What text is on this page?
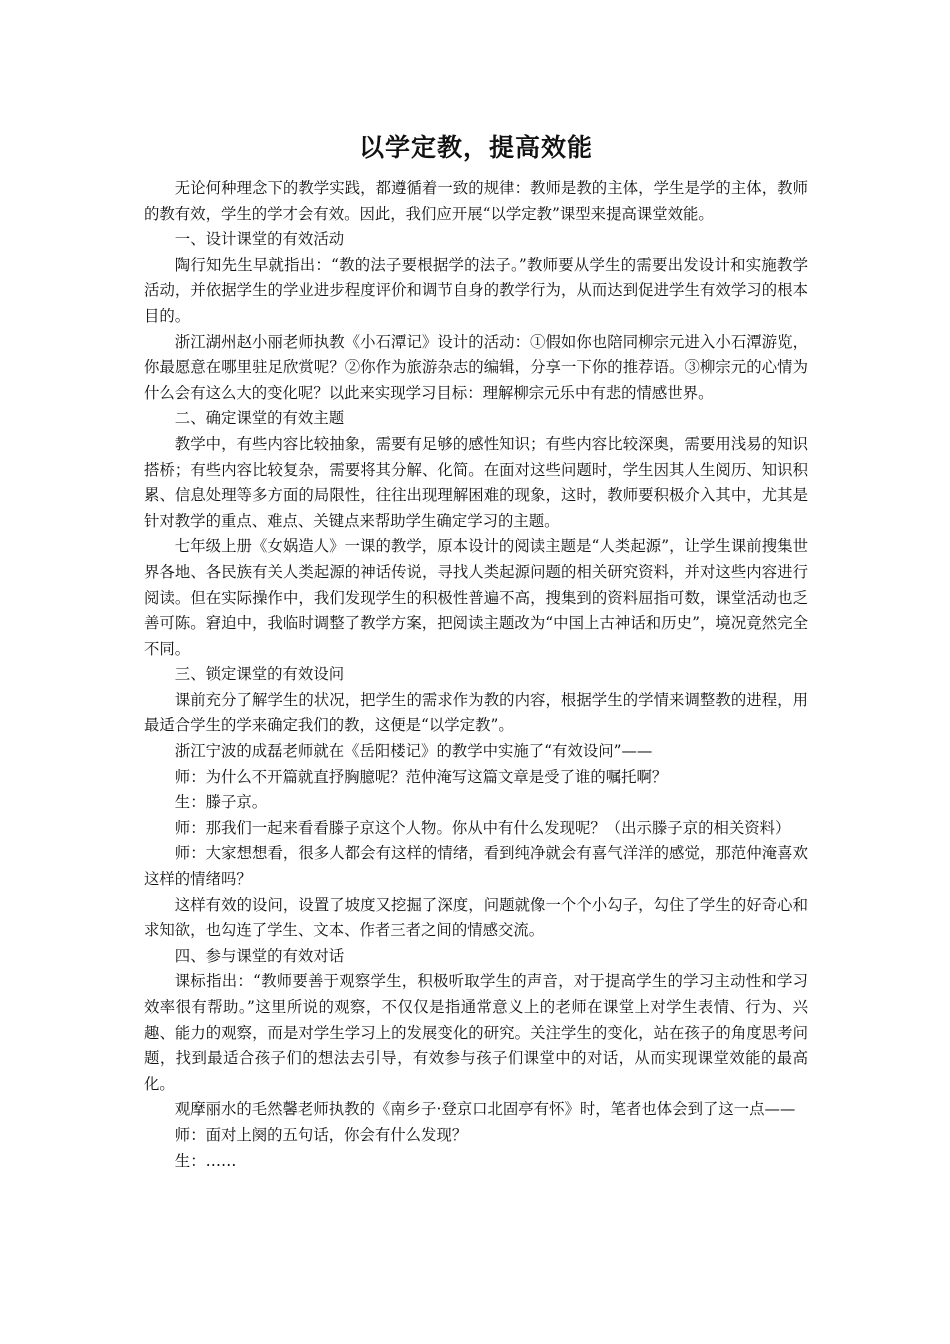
以学定教，提高效能

无论何种理念下的教学实践，都遵循着一致的规律：教师是教的主体，学生是学的主体，教师的教有效，学生的学才会有效。因此，我们应开展“以学定教”课型来提高课堂效能。

一、设计课堂的有效活动

陶行知先生早就指出：“教的法子要根据学的法子。”教师要从学生的需要出发设计和实施教学活动，并依据学生的学业进步程度评价和调节自身的教学行为，从而达到促进学生有效学习的根本目的。

浙江湖州赵小丽老师执教《小石潭记》设计的活动：①假如你也陪同柳宗元进入小石潭游览，你最愿意在哪里驻足欣赏呢？②你作为旅游杂志的编辑，分享一下你的推荐语。③柳宗元的心情为什么会有这么大的变化呢？以此来实现学习目标：理解柳宗元乐中有悲的情感世界。

二、确定课堂的有效主题

教学中，有些内容比较抽象，需要有足够的感性知识；有些内容比较深奥，需要用浅易的知识搭桥；有些内容比较复杂，需要将其分解、化简。在面对这些问题时，学生因其人生阅历、知识积累、信息处理等多方面的局限性，往往出现理解困难的现象，这时，教师要积极介入其中，尤其是针对教学的重点、难点、关键点来帮助学生确定学习的主题。

七年级上册《女娲造人》一课的教学，原本设计的阅读主题是“人类起源”，让学生课前搜集世界各地、各民族有关人类起源的神话传说，寻找人类起源问题的相关研究资料，并对这些内容进行阅读。但在实际操作中，我们发现学生的积极性普遍不高，搜集到的资料屈指可数，课堂活动也乏善可陈。窘迫中，我临时调整了教学方案，把阅读主题改为“中国上古神话和历史”，境况竟然完全不同。

三、锁定课堂的有效设问

课前充分了解学生的状况，把学生的需求作为教的内容，根据学生的学情来调整教的进程，用最适合学生的学来确定我们的教，这便是“以学定教”。

浙江宁波的成磊老师就在《岳阳楼记》的教学中实施了“有效设问”——

师：为什么不开篇就直抒胸臆呢？范仲淹写这篇文章是受了谁的嘱托啊？

生：滕子京。

师：那我们一起来看看滕子京这个人物。你从中有什么发现呢？（出示滕子京的相关资料）

师：大家想想看，很多人都会有这样的情绪，看到纯净就会有喜气洋洋的感觉，那范仲淹喜欢这样的情绪吗？

这样有效的设问，设置了坡度又挖掘了深度，问题就像一个个小勾子，勾住了学生的好奇心和求知欲，也勾连了学生、文本、作者三者之间的情感交流。

四、参与课堂的有效对话

课标指出：“教师要善于观察学生，积极听取学生的声音，对于提高学生的学习主动性和学习效率很有帮助。”这里所说的观察，不仅仅是指通常意义上的老师在课堂上对学生表情、行为、兴趣、能力的观察，而是对学生学习上的发展变化的研究。关注学生的变化，站在孩子的角度思考问题，找到最适合孩子们的想法去引导，有效参与孩子们课堂中的对话，从而实现课堂效能的最高化。

观摩丽水的毛然馨老师执教的《南乡子·登京口北固亭有怀》时，笔者也体会到了这一点——

师：面对上阕的五句话，你会有什么发现？

生：……
